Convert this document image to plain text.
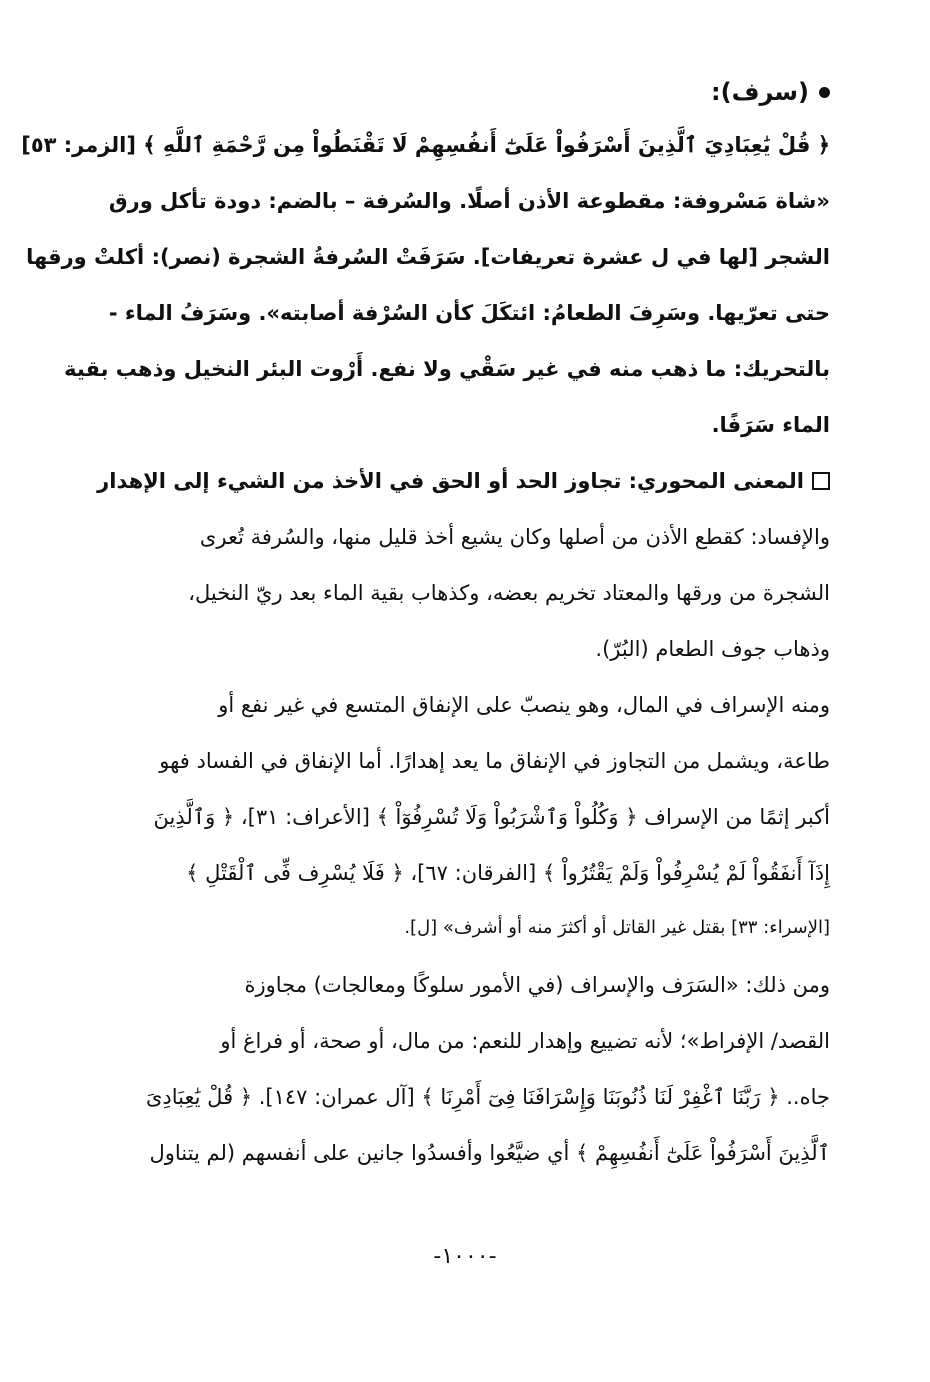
(سرف):
﴿ قُلْ يَٰعِبَادِيَ ٱلَّذِينَ أَسْرَفُواْ عَلَىٰٓ أَنفُسِهِمْ لَا تَقْنَطُواْ مِن رَّحْمَةِ ٱللَّهِ ﴾ [الزمر: ٥٣]
«شاة مَسْروفة: مقطوعة الأذن أصلًا. والسُرفة – بالضم: دودة تأكل ورق
الشجر [لها في ل عشرة تعريفات]. سَرَفَتْ السُرفةُ الشجرة (نصر): أكلتْ ورقها
حتى تعرّيها. وسَرِفَ الطعامُ: ائتكَلَ كأن السُرْفة أصابته». وسَرَفُ الماء -
بالتحريك: ما ذهب منه في غير سَقْي ولا نفع. أَرْوت البئر النخيل وذهب بقية
الماء سَرَفًا.
المعنى المحوري: تجاوز الحد أو الحق في الأخذ من الشيء إلى الإهدار
والإفساد: كقطع الأذن من أصلها وكان يشيع أخذ قليل منها، والسُرفة تُعرى
الشجرة من ورقها والمعتاد تخريم بعضه، وكذهاب بقية الماء بعد ريّ النخيل،
وذهاب جوف الطعام (البُرّ).
ومنه الإسراف في المال، وهو ينصبّ على الإنفاق المتسع في غير نفع أو
طاعة، ويشمل من التجاوز في الإنفاق ما يعد إهدارًا. أما الإنفاق في الفساد فهو
أكبر إثمًا من الإسراف ﴿ وَكُلُواْ وَٱشْرَبُواْ وَلَا تُسْرِفُوٓاْ ﴾ [الأعراف: ٣١]، ﴿ وَٱلَّذِينَ
إِذَآ أَنفَقُواْ لَمْ يُسْرِفُواْ وَلَمْ يَقْتُرُواْ ﴾ [الفرقان: ٦٧]، ﴿ فَلَا يُسْرِف فِّى ٱلْقَتْلِ ﴾
[الإسراء: ٣٣] بقتل غير القاتل أو أكثرَ منه أو أشرف» [ل].
ومن ذلك: «السَرَف والإسراف (في الأمور سلوكًا ومعالجات) مجاوزة
القصد/ الإفراط»؛ لأنه تضييع وإهدار للنعم: من مال، أو صحة، أو فراغ أو
جاه.. ﴿ رَبَّنَا ٱغْفِرْ لَنَا ذُنُوبَنَا وَإِسْرَافَنَا فِىٓ أَمْرِنَا ﴾ [آل عمران: ١٤٧]. ﴿ قُلْ يَٰعِبَادِىَ
ٱلَّذِينَ أَسْرَفُواْ عَلَىٰٓ أَنفُسِهِمْ ﴾ أي ضيَّعُوا وأفسدُوا جانين على أنفسهم (لم يتناول
-١٠٠٠-
